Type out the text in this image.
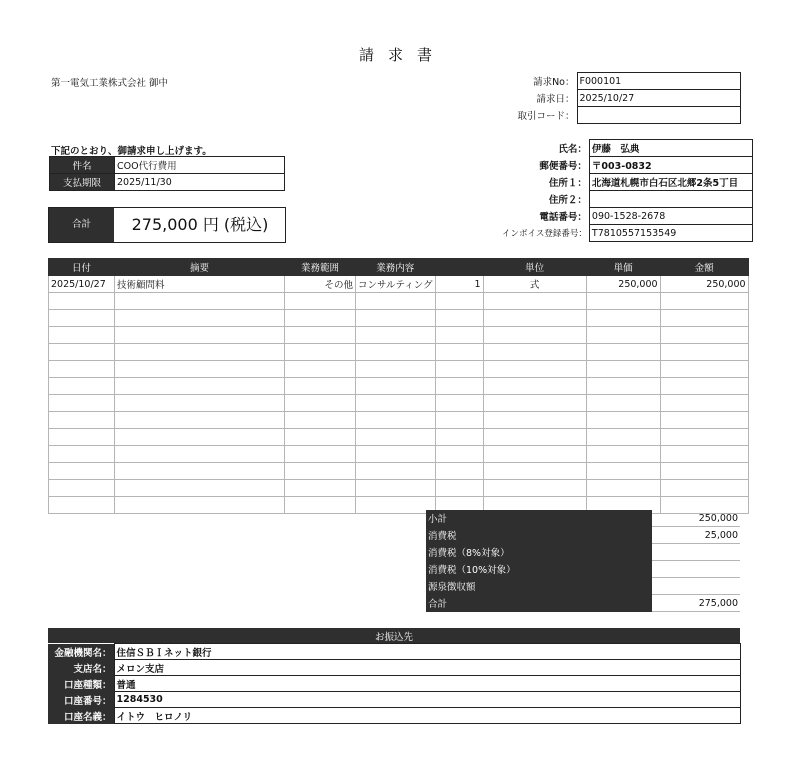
請求書
第一電気工業株式会社 御中	請求No：	F000101
請求日：	2025/10/27
取引コード：	
下記のとおり、御請求申し上げます。
件名	COO代行費用
支払期限	2025/11/30
合計	275,000 円 (税込)
氏名：	伊藤　弘典
郵便番号：	〒003-0832
住所１：	北海道札幌市白石区北郷2条5丁目
住所２：	
電話番号：	090-1528-2678
インボイス登録番号：	T7810557153549
日付	摘要	業務範囲	業務内容		単位	単価	金額
2025/10/27	技術顧問料	その他	コンサルティング	1	式	250,000	250,000

小計	250,000
消費税	25,000
消費税（8%対象）	
消費税（10%対象）	
源泉徴収額	
合計	275,000
お振込先	
金融機関名：	住信ＳＢＩネット銀行
支店名：	メロン支店
口座種類：	普通
口座番号：	1284530
口座名義：	イトウ　ヒロノリ
